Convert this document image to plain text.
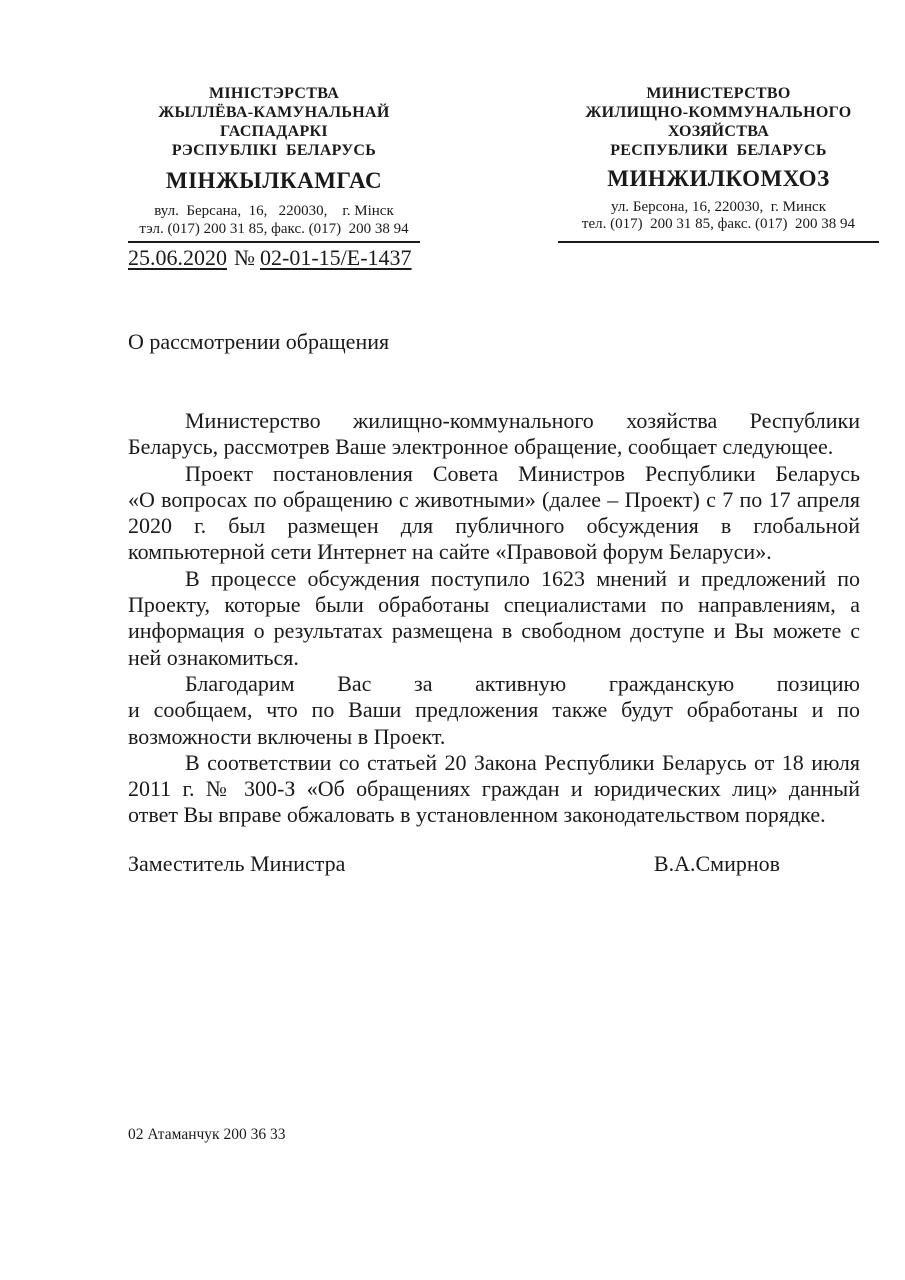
МІНІСТЭРСТВА
ЖЫЛЛЁВА-КАМУНАЛЬНАЙ
ГАСПАДАРКІ
РЭСПУБЛІКІ  БЕЛАРУСЬ
МІНЖЫЛКАМГАС
вул.  Берсана,  16,   220030,    г. Мінск
тэл. (017) 200 31 85, факс. (017)  200 38 94
МИНИСТЕРСТВО
ЖИЛИЩНО-КОММУНАЛЬНОГО
ХОЗЯЙСТВА
РЕСПУБЛИКИ  БЕЛАРУСЬ
МИНЖИЛКОМХОЗ
ул. Берсона, 16, 220030,  г. Минск
тел. (017)  200 31 85, факс. (017)  200 38 94
25.06.2020 № 02-01-15/Е-1437
О рассмотрении обращения
Министерство жилищно-коммунального хозяйства Республики
Беларусь, рассмотрев Ваше электронное обращение, сообщает следующее.
Проект постановления Совета Министров Республики Беларусь
«О вопросах по обращению с животными» (далее – Проект) с 7 по 17 апреля
2020 г. был размещен для публичного обсуждения в глобальной
компьютерной сети Интернет на сайте «Правовой форум Беларуси».
В процессе обсуждения поступило 1623 мнений и предложений по
Проекту, которые были обработаны специалистами по направлениям, а
информация о результатах размещена в свободном доступе и Вы можете с
ней ознакомиться.
Благодарим Вас за активную гражданскую позицию
и сообщаем, что по Ваши предложения также будут обработаны и по
возможности включены в Проект.
В соответствии со статьей 20 Закона Республики Беларусь от 18 июля
2011 г. № 300-З «Об обращениях граждан и юридических лиц» данный
ответ Вы вправе обжаловать в установленном законодательством порядке.
Заместитель Министра	В.А.Смирнов
02 Атаманчук 200 36 33
